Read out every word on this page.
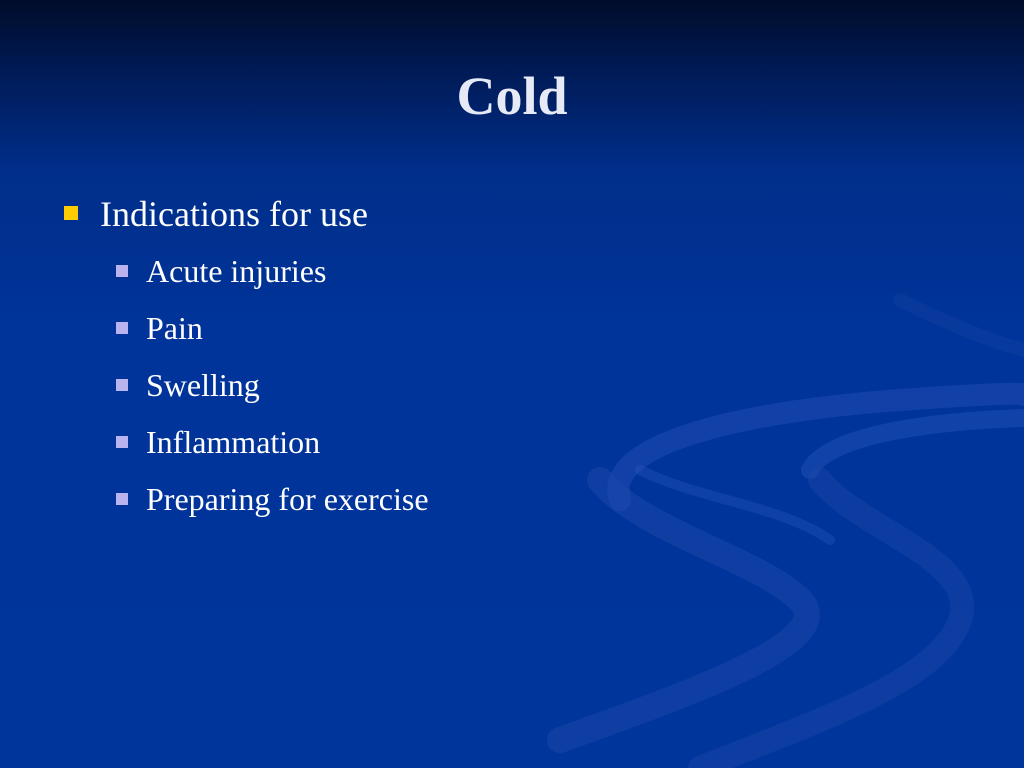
Cold
Indications for use
Acute injuries
Pain
Swelling
Inflammation
Preparing for exercise
